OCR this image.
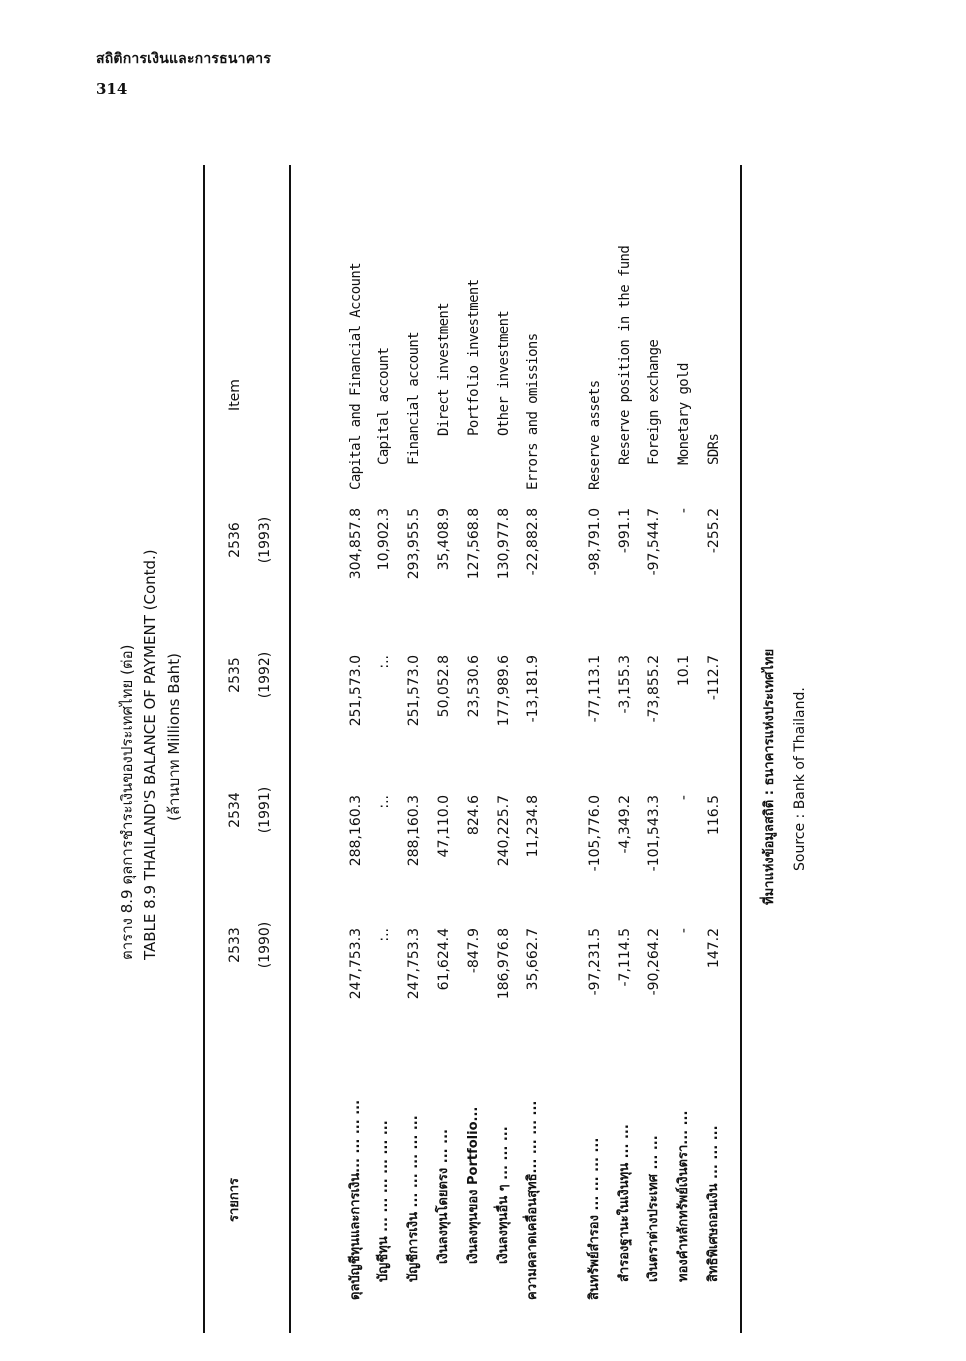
สถิติการเงินและการธนาคาร
314
ตาราง 8.9 ดุลการชำระเงินของประเทศไทย (ต่อ) TABLE 8.9 THAILAND'S BALANCE OF PAYMENT (Contd.) (ล้านบาท Millions Baht)
รายการ
2533 (1990)
2534 (1991)
2535 (1992)
2536 (1993)
Item
ดุลบัญชีทุนและการเงิน... ... ... ...
247,753.3
288,160.3
251,573.0
304,857.8
Capital and Financial Account
บัญชีทุน ... ... ... ... ... ...
:..
:..
:..
10,902.3
Capital account
บัญชีการเงิน ... ... ... ... ...
247,753.3
288,160.3
251,573.0
293,955.5
Financial account
เงินลงทุนโดยตรง ... ...
61,624.4
47,110.0
50,052.8
35,408.9
Direct investment
เงินลงทุนของ Portfolio...
-847.9
824.6
23,530.6
127,568.8
Portfolio investment
เงินลงทุนอื่น ๆ ... ... ...
186,976.8
240,225.7
177,989.6
130,977.8
Other investment
ความคลาดเคลื่อนสุทธิ... ... ... ...
35,662.7
11,234.8
-13,181.9
-22,882.8
Errors and omissions
สินทรัพย์สำรอง ... ... ... ...
-97,231.5
-105,776.0
-77,113.1
-98,791.0
Reserve assets
สำรองฐานะในเงินทุน ... ...
-7,114.5
-4,349.2
-3,155.3
-991.1
Reserve position in the fund
เงินตราต่างประเทศ ... ...
-90,264.2
-101,543.3
-73,855.2
-97,544.7
Foreign exchange
ทองคำหลักทรัพย์เงินตรา... ...
-
-
10.1
-
Monetary gold
สิทธิพิเศษถอนเงิน ... ... ...
147.2
116.5
-112.7
-255.2
SDRs
ที่มาแห่งข้อมูลสถิติ : ธนาคารแห่งประเทศไทย Source : Bank of Thailand.
